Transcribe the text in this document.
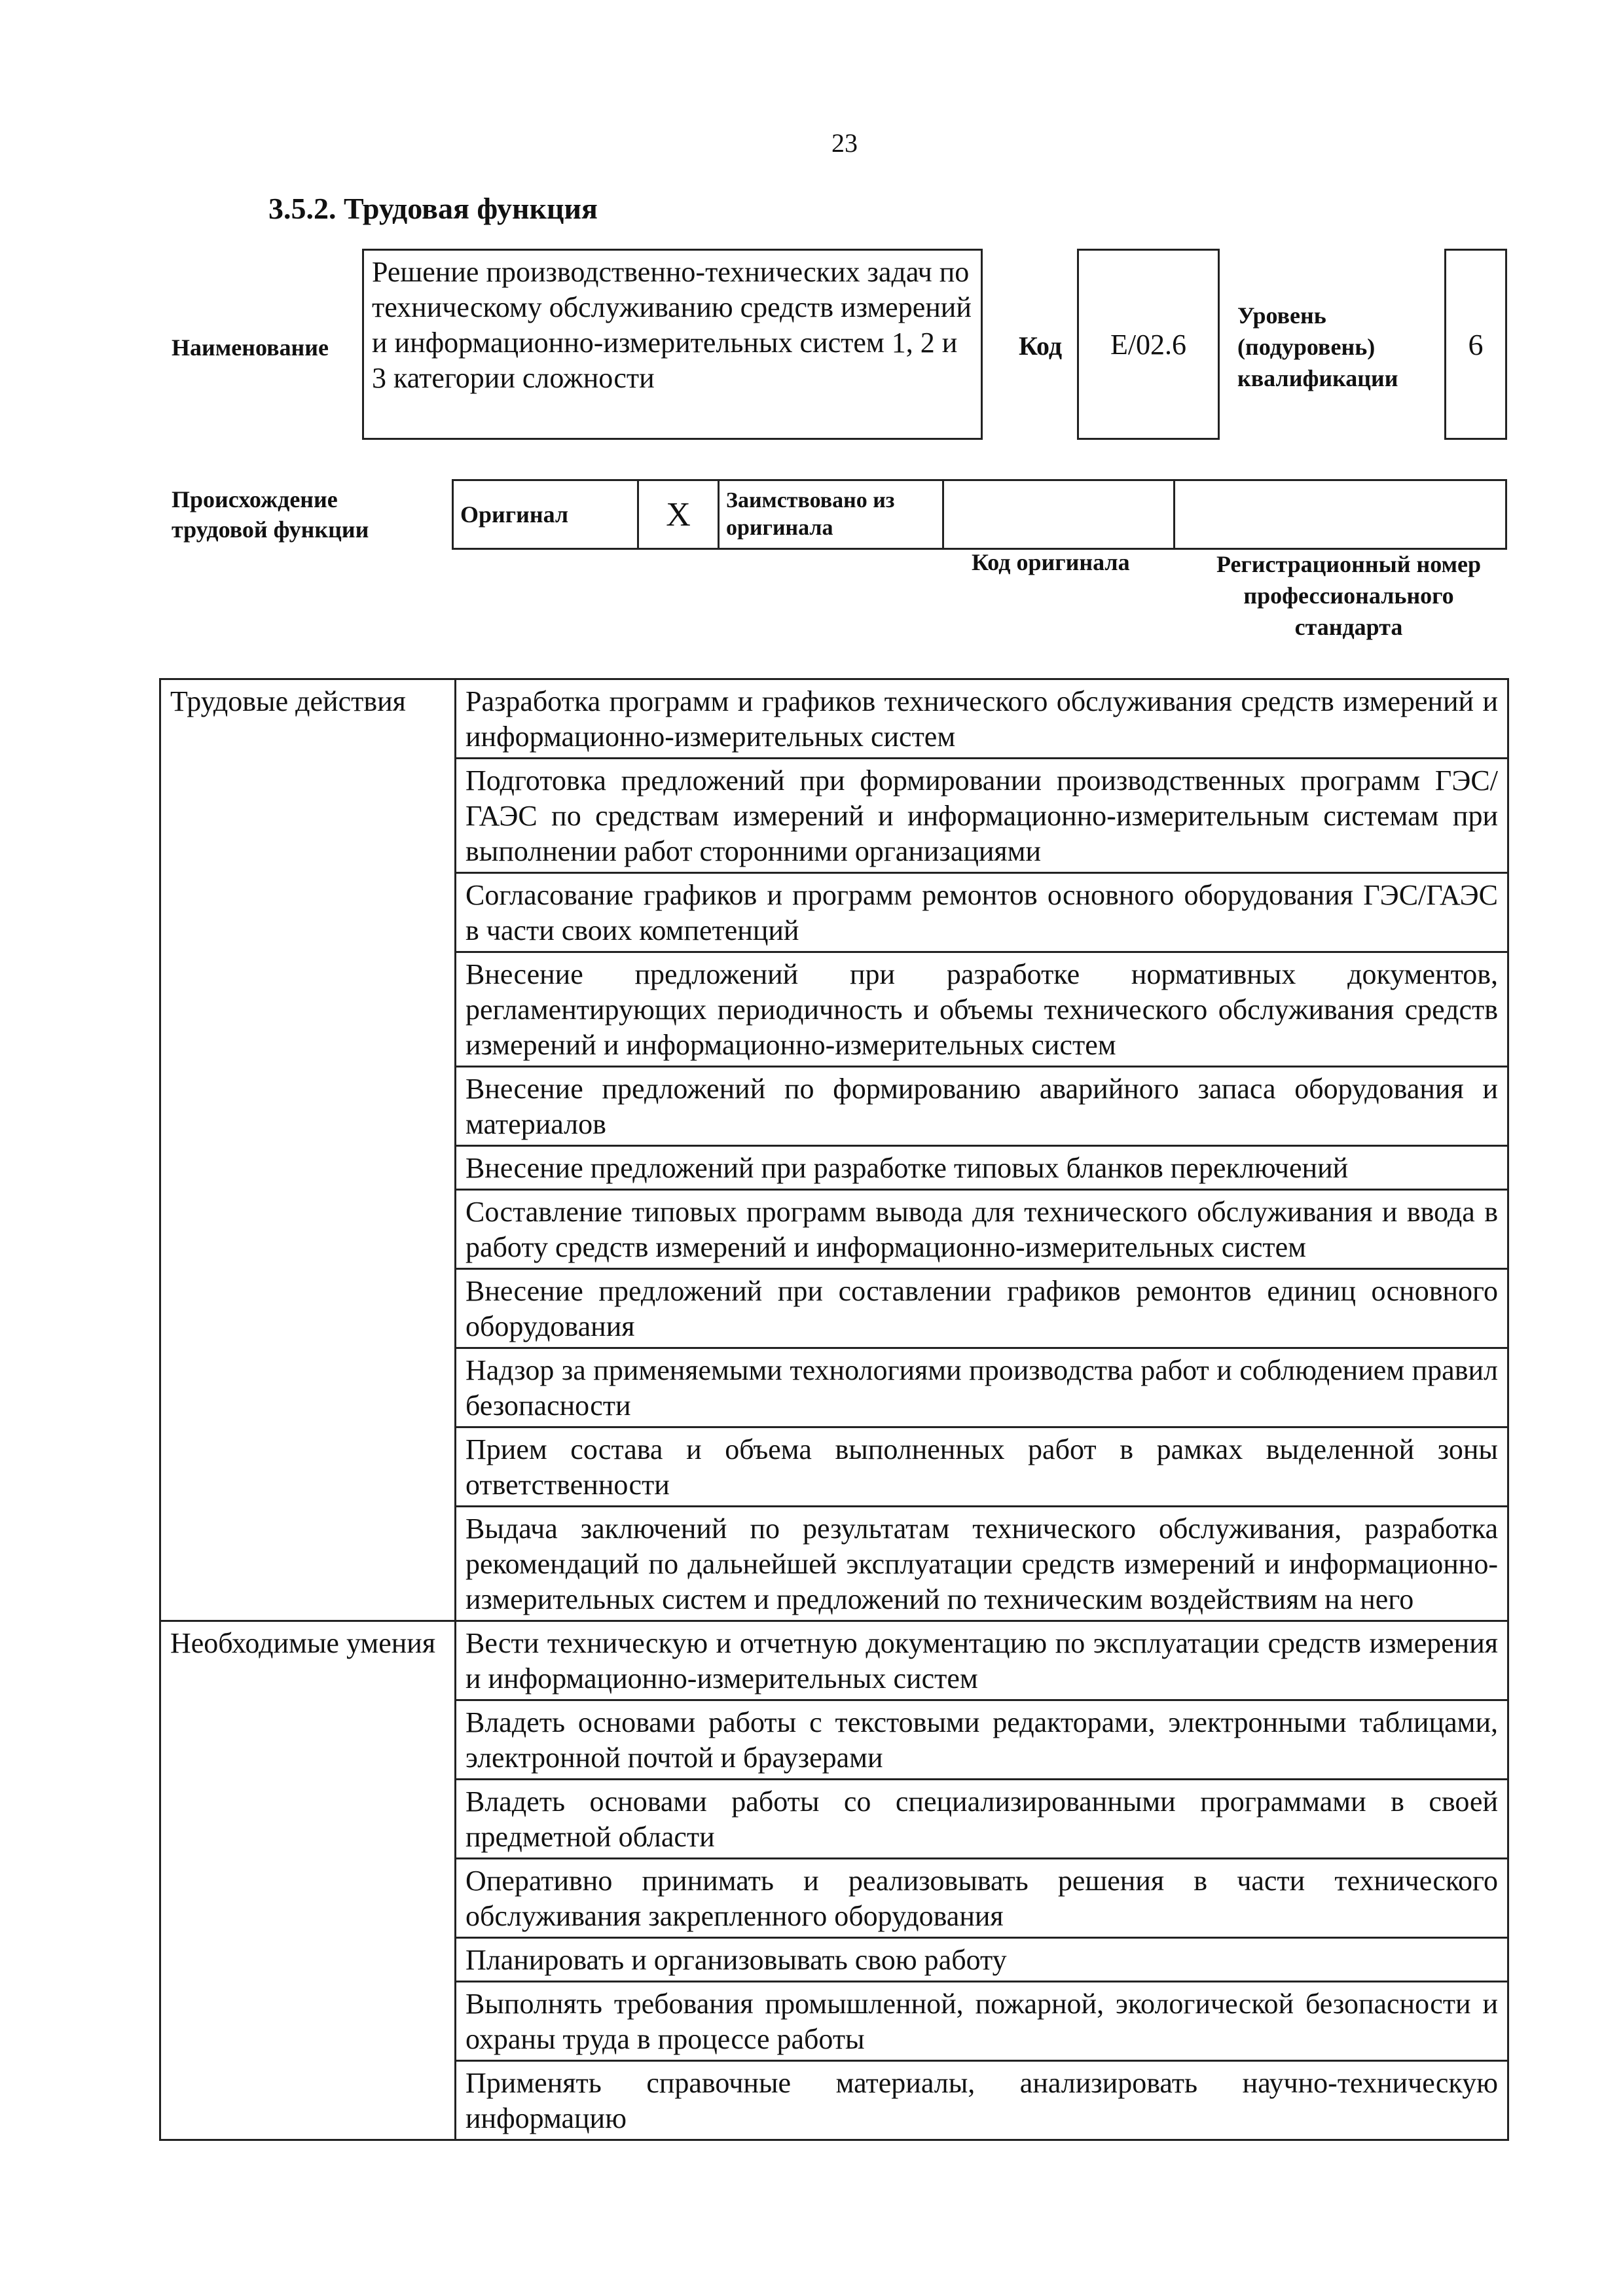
23
3.5.2. Трудовая функция
Наименование
Решение производственно-технических задач по техническому обслуживанию средств измерений и информационно-измерительных систем 1, 2 и 3 категории сложности
Код E/02.6
Уровень (подуровень) квалификации
6
Происхождение трудовой функции
Оригинал	X	Заимствовано из оригинала		
Код оригинала	Регистрационный номер профессионального стандарта
Трудовые действия	Разработка программ и графиков технического обслуживания средств измерений и информационно-измерительных систем
	Подготовка предложений при формировании производственных программ ГЭС/ГАЭС по средствам измерений и информационно-измерительным системам при выполнении работ сторонними организациями
	Согласование графиков и программ ремонтов основного оборудования ГЭС/ГАЭС в части своих компетенций
	Внесение предложений при разработке нормативных документов, регламентирующих периодичность и объемы технического обслуживания средств измерений и информационно-измерительных систем
	Внесение предложений по формированию аварийного запаса оборудования и материалов
	Внесение предложений при разработке типовых бланков переключений
	Составление типовых программ вывода для технического обслуживания и ввода в работу средств измерений и информационно-измерительных систем
	Внесение предложений при составлении графиков ремонтов единиц основного оборудования
	Надзор за применяемыми технологиями производства работ и соблюдением правил безопасности
	Прием состава и объема выполненных работ в рамках выделенной зоны ответственности
	Выдача заключений по результатам технического обслуживания, разработка рекомендаций по дальнейшей эксплуатации средств измерений и информационно-измерительных систем и предложений по техническим воздействиям на него
Необходимые умения	Вести техническую и отчетную документацию по эксплуатации средств измерения и информационно-измерительных систем
	Владеть основами работы с текстовыми редакторами, электронными таблицами, электронной почтой и браузерами
	Владеть основами работы со специализированными программами в своей предметной области
	Оперативно принимать и реализовывать решения в части технического обслуживания закрепленного оборудования
	Планировать и организовывать свою работу
	Выполнять требования промышленной, пожарной, экологической безопасности и охраны труда в процессе работы
	Применять справочные материалы, анализировать научно-техническую информацию
